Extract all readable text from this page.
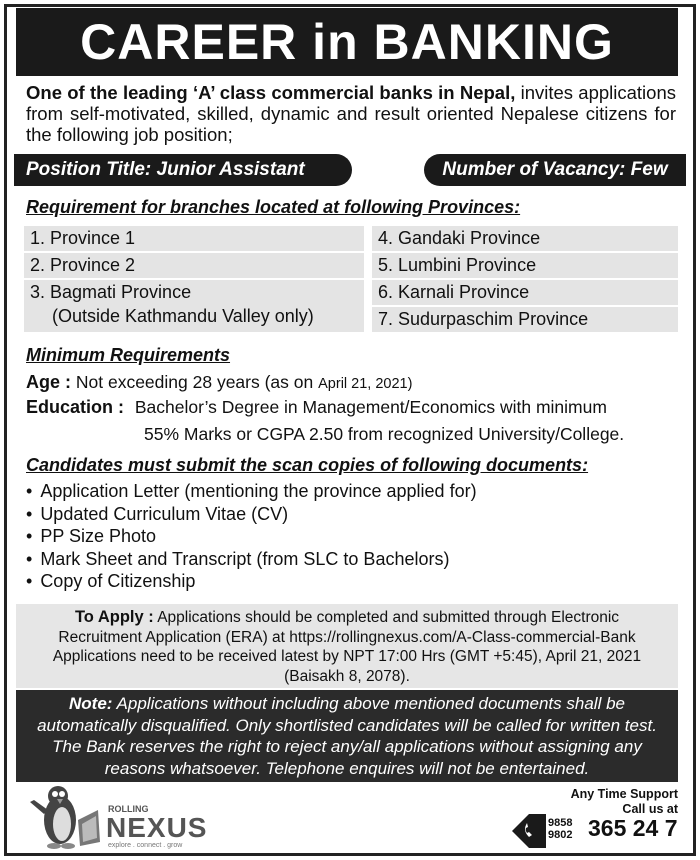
CAREER in BANKING
One of the leading ‘A’ class commercial banks in Nepal, invites applications from self-motivated, skilled, dynamic and result oriented Nepalese citizens for the following job position;
Position Title: Junior Assistant	Number of Vacancy: Few
Requirement for branches located at following Provinces:
1. Province 1
2. Province 2
3. Bagmati Province
(Outside Kathmandu Valley only)
4. Gandaki Province
5. Lumbini Province
6. Karnali Province
7. Sudurpaschim Province
Minimum Requirements
Age : Not exceeding 28 years (as on April 21, 2021)
Education : Bachelor’s Degree in Management/Economics with minimum
55% Marks or CGPA 2.50 from recognized University/College.
Candidates must submit the scan copies of following documents:
• Application Letter (mentioning the province applied for)
• Updated Curriculum Vitae (CV)
• PP Size Photo
• Mark Sheet and Transcript (from SLC to Bachelors)
• Copy of Citizenship
To Apply : Applications should be completed and submitted through Electronic
Recruitment Application (ERA) at https://rollingnexus.com/A-Class-commercial-Bank
Applications need to be received latest by NPT 17:00 Hrs (GMT +5:45), April 21, 2021
(Baisakh 8, 2078).
Note: Applications without including above mentioned documents shall be
automatically disqualified. Only shortlisted candidates will be called for written test.
The Bank reserves the right to reject any/all applications without assigning any
reasons whatsoever. Telephone enquires will not be entertained.
ROLLING
NEXUS
explore . connect . grow
Any Time Support
Call us at
9858
9802 365 24 7
